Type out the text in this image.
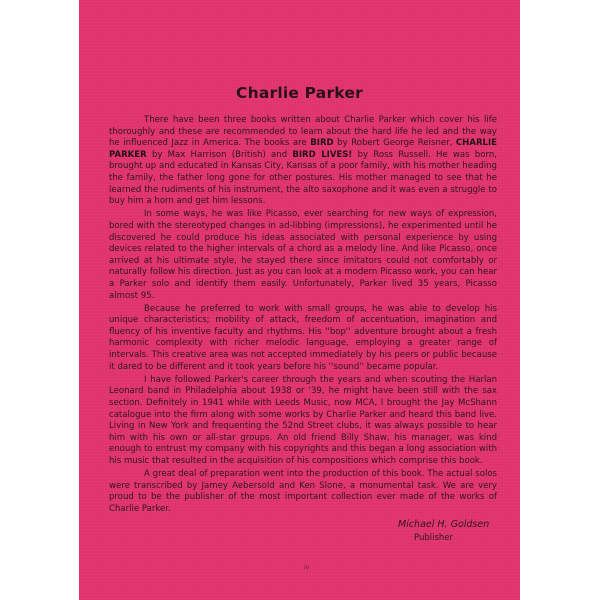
Charlie Parker

There have been three books written about Charlie Parker which cover his life thoroughly and these are recommended to learn about the hard life he led and the way he influenced Jazz in America. The books are BIRD by Robert George Reisner, CHARLIE PARKER by Max Harrison (British) and BIRD LIVES! by Ross Russell. He was born, brought up and educated in Kansas City, Kansas of a poor family, with his mother heading the family, the father long gone for other postures. His mother managed to see that he learned the rudiments of his instrument, the alto saxophone and it was even a struggle to buy him a horn and get him lessons.

In some ways, he was like Picasso, ever searching for new ways of expression, bored with the stereotyped changes in ad-libbing (impressions), he experimented until he discovered he could produce his ideas associated with personal experience by using devices related to the higher intervals of a chord as a melody line. And like Picasso, once arrived at his ultimate style, he stayed there since imitators could not comfortably or naturally follow his direction. Just as you can look at a modern Picasso work, you can hear a Parker solo and identify them easily. Unfortunately, Parker lived 35 years, Picasso almost 95.

Because he preferred to work with small groups, he was able to develop his unique characteristics; mobility of attack, freedom of accentuation, imagination and fluency of his inventive faculty and rhythms. His ''bop'' adventure brought about a fresh harmonic complexity with richer melodic language, employing a greater range of intervals. This creative area was not accepted immediately by his peers or public because it dared to be different and it took years before his ''sound'' became popular.

I have followed Parker's career through the years and when scouting the Harlan Leonard band in Philadelphia about 1938 or '39, he might have been still with the sax section. Definitely in 1941 while with Leeds Music, now MCA, I brought the Jay McShann catalogue into the firm along with some works by Charlie Parker and heard this band live. Living in New York and frequenting the 52nd Street clubs, it was always possible to hear him with his own or all-star groups. An old friend Billy Shaw, his manager, was kind enough to entrust my company with his copyrights and this began a long association with his music that resulted in the acquisition of his compositions which comprise this book.

A great deal of preparation went into the production of this book. The actual solos were transcribed by Jamey Aebersold and Ken Slone, a monumental task. We are very proud to be the publisher of the most important collection ever made of the works of Charlie Parker.

Michael H. Goldsen
Publisher
iv
